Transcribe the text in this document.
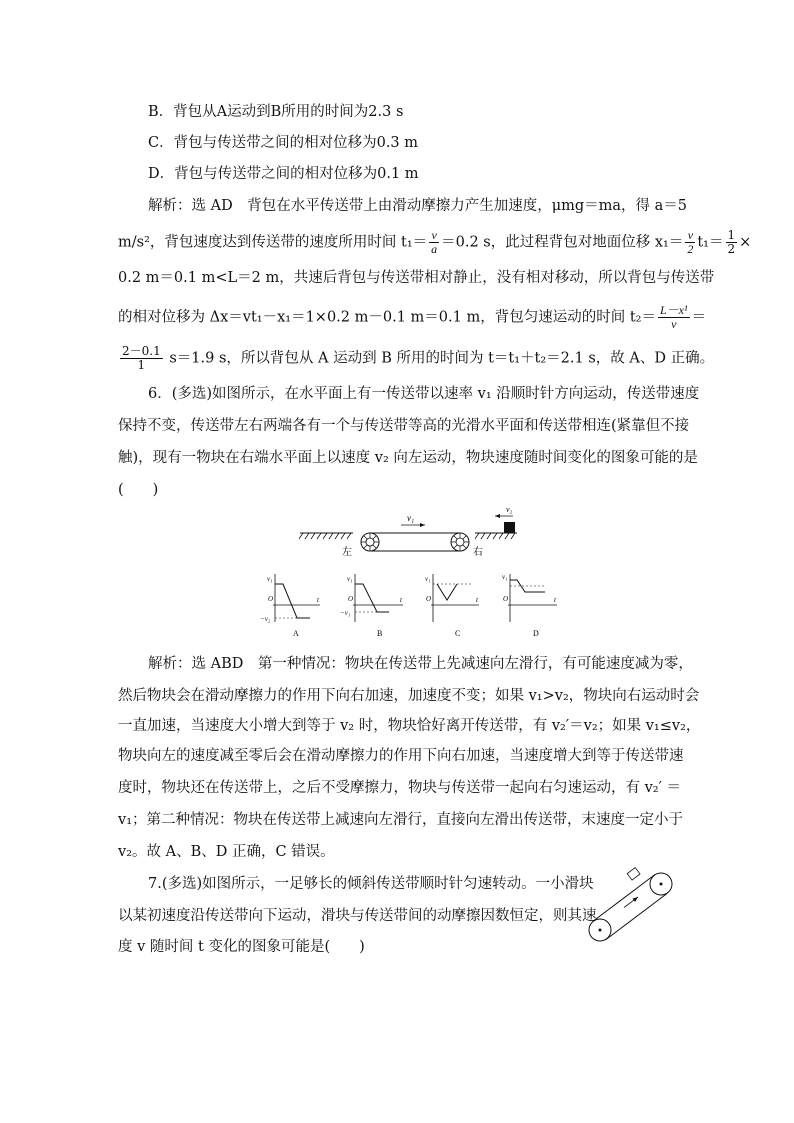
B．背包从A运动到B所用的时间为2.3 s
C．背包与传送带之间的相对位移为0.3 m
D．背包与传送带之间的相对位移为0.1 m
解析：选 AD　背包在水平传送带上由滑动摩擦力产生加速度，μmg＝ma，得 a＝5
m/s²，背包速度达到传送带的速度所用时间 $t_1= \frac{v}{a} =0.2$ s，此过程背包对地面位移 $x_1= \frac{v}{2} t_1= \frac{1}{2}$ ×
0.2 m＝0.1 m<L＝2 m，共速后背包与传送带相对静止，没有相对移动，所以背包与传送带
的相对位移为 Δx＝vt₁－x₁＝1×0.2 m－0.1 m＝0.1 m，背包匀速运动的时间 $t_2= \frac{\text{L－x¹}}{v}$ ＝
$\frac{2-0.1}{1} s=1.9$ s，所以背包从 A 运动到 B 所用的时间为 t＝t₁＋t₂＝2.1 s，故 A、D 正确。
6．(多选)如图所示，在水平面上有一传送带以速率 v₁ 沿顺时针方向运动，传送带速度
保持不变，传送带左右两端各有一个与传送带等高的光滑水平面和传送带相连(紧靠但不接
触)，现有一物块在右端水平面上以速度 v₂ 向左运动，物块速度随时间变化的图象可能的是
(　　)
v₁
v₂
左	右
v₁
O
−v₂
t
A
v₁
O
−v₁
t
B
v₁
O	t
C
v₁
O	t
D
解析：选 ABD　第一种情况：物块在传送带上先减速向左滑行，有可能速度减为零，
然后物块会在滑动摩擦力的作用下向右加速，加速度不变；如果 v₁>v₂，物块向右运动时会
一直加速，当速度大小增大到等于 v₂ 时，物块恰好离开传送带，有 v₂′＝v₂；如果 v₁≤v₂，
物块向左的速度减至零后会在滑动摩擦力的作用下向右加速，当速度增大到等于传送带速
度时，物块还在传送带上，之后不受摩擦力，物块与传送带一起向右匀速运动，有 v₂′ ＝
v₁；第二种情况：物块在传送带上减速向左滑行，直接向左滑出传送带，末速度一定小于
v₂。故 A、B、D 正确，C 错误。
7.(多选)如图所示，一足够长的倾斜传送带顺时针匀速转动。一小滑块
以某初速度沿传送带向下运动，滑块与传送带间的动摩擦因数恒定，则其速
度 v 随时间 t 变化的图象可能是(　　)
